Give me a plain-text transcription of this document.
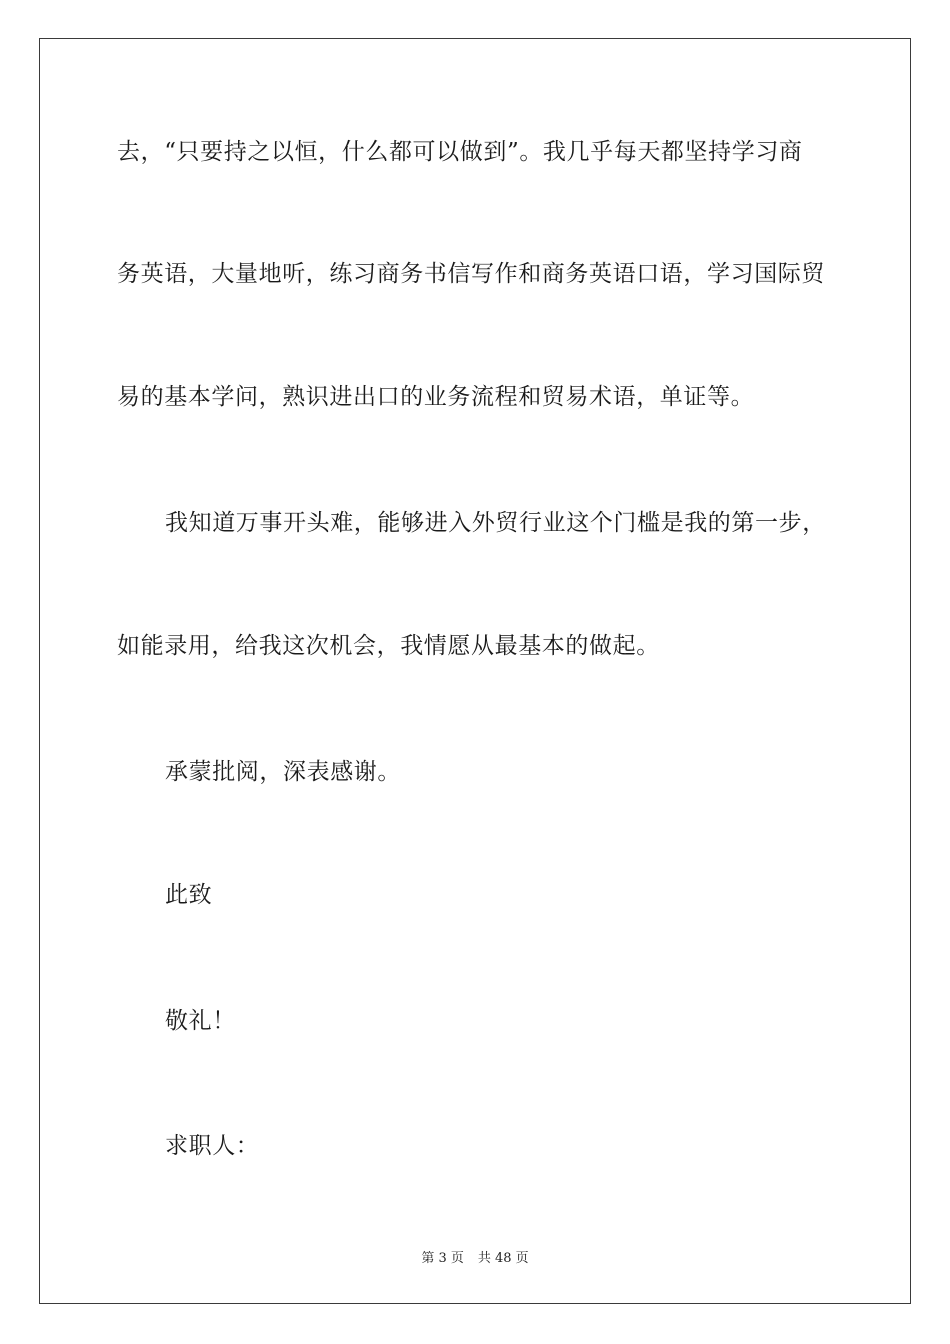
去，“只要持之以恒，什么都可以做到”。我几乎每天都坚持学习商
务英语，大量地听，练习商务书信写作和商务英语口语，学习国际贸
易的基本学问，熟识进出口的业务流程和贸易术语，单证等。
我知道万事开头难，能够进入外贸行业这个门槛是我的第一步，
如能录用，给我这次机会，我情愿从最基本的做起。
承蒙批阅，深表感谢。
此致
敬礼！
求职人：
第 3 页 共 48 页
